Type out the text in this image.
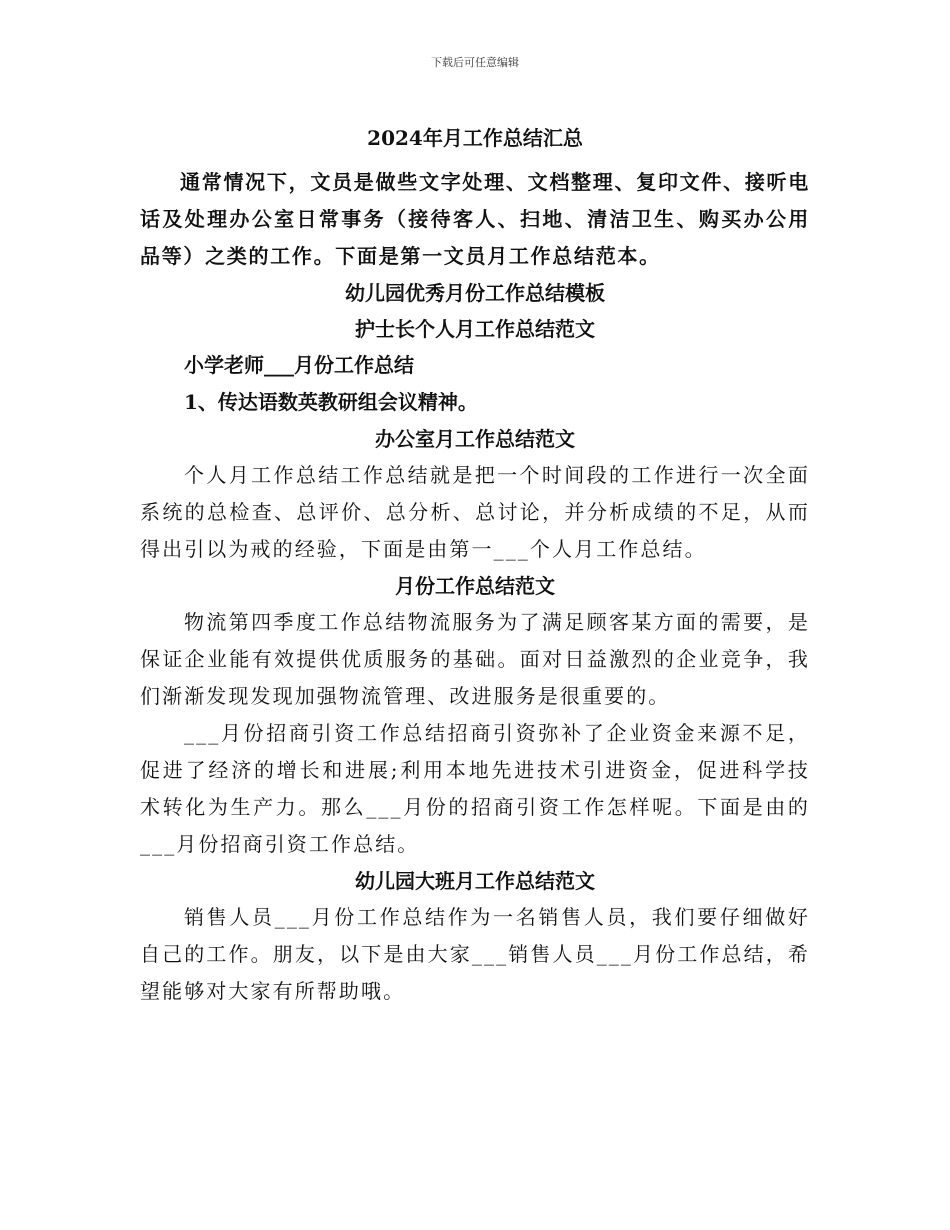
下载后可任意编辑
2024年月工作总结汇总

通常情况下，文员是做些文字处理、文档整理、复印文件、接听电话及处理办公室日常事务（接待客人、扫地、清洁卫生、购买办公用品等）之类的工作。下面是第一文员月工作总结范本。

幼儿园优秀月份工作总结模板
护士长个人月工作总结范文
小学老师___月份工作总结
1、传达语数英教研组会议精神。
办公室月工作总结范文

个人月工作总结工作总结就是把一个时间段的工作进行一次全面系统的总检查、总评价、总分析、总讨论，并分析成绩的不足，从而得出引以为戒的经验，下面是由第一___个人月工作总结。

月份工作总结范文

物流第四季度工作总结物流服务为了满足顾客某方面的需要，是保证企业能有效提供优质服务的基础。面对日益激烈的企业竞争，我们渐渐发现发现加强物流管理、改进服务是很重要的。

___月份招商引资工作总结招商引资弥补了企业资金来源不足，促进了经济的增长和进展;利用本地先进技术引进资金，促进科学技术转化为生产力。那么___月份的招商引资工作怎样呢。下面是由的___月份招商引资工作总结。

幼儿园大班月工作总结范文

销售人员___月份工作总结作为一名销售人员，我们要仔细做好自己的工作。朋友，以下是由大家___销售人员___月份工作总结，希望能够对大家有所帮助哦。
